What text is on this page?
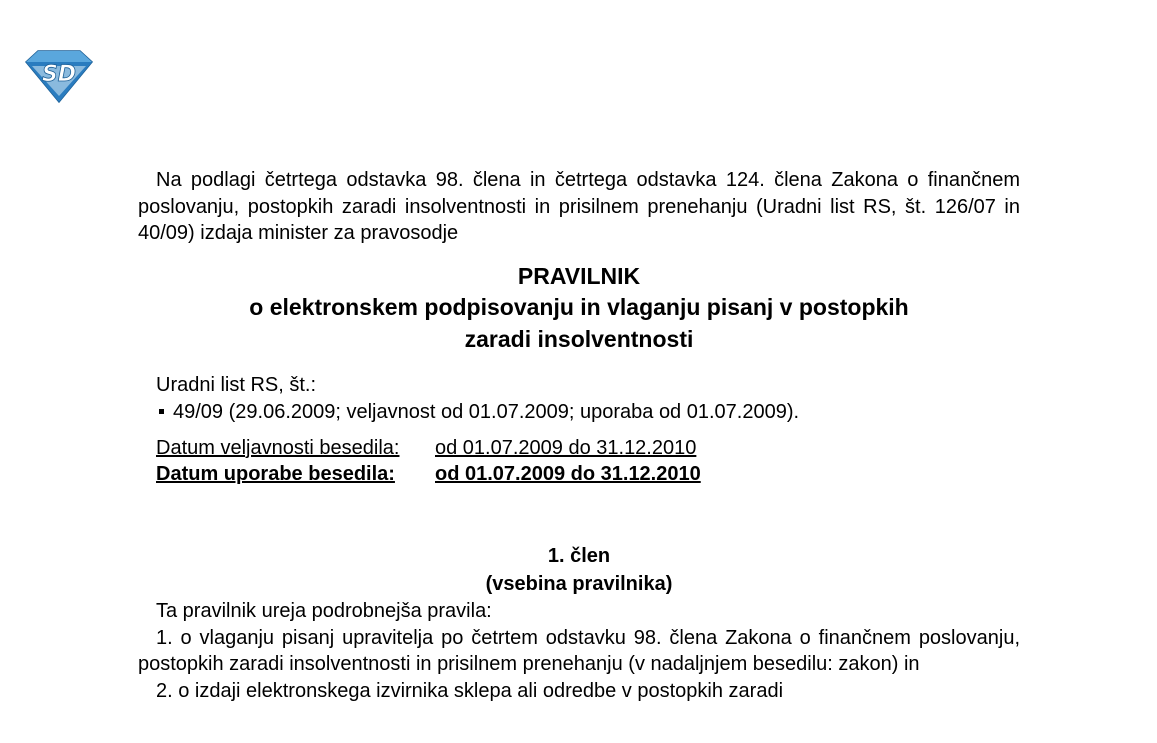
SD

Na podlagi četrtega odstavka 98. člena in četrtega odstavka 124. člena Zakona o finančnem poslovanju, postopkih zaradi insolventnosti in prisilnem prenehanju (Uradni list RS, št. 126/07 in 40/09) izdaja minister za pravosodje

PRAVILNIK
o elektronskem podpisovanju in vlaganju pisanj v postopkih
zaradi insolventnosti

Uradni list RS, št.:

49/09 (29.06.2009; veljavnost od 01.07.2009; uporaba od 01.07.2009).

Datum veljavnosti besedila:	od 01.07.2009 do 31.12.2010
Datum uporabe besedila:	od 01.07.2009 do 31.12.2010
1. člen
(vsebina pravilnika)

Ta pravilnik ureja podrobnejša pravila:

1. o vlaganju pisanj upravitelja po četrtem odstavku 98. člena Zakona o finančnem poslovanju, postopkih zaradi insolventnosti in prisilnem prenehanju (v nadaljnjem besedilu: zakon) in

2. o izdaji elektronskega izvirnika sklepa ali odredbe v postopkih zaradi
